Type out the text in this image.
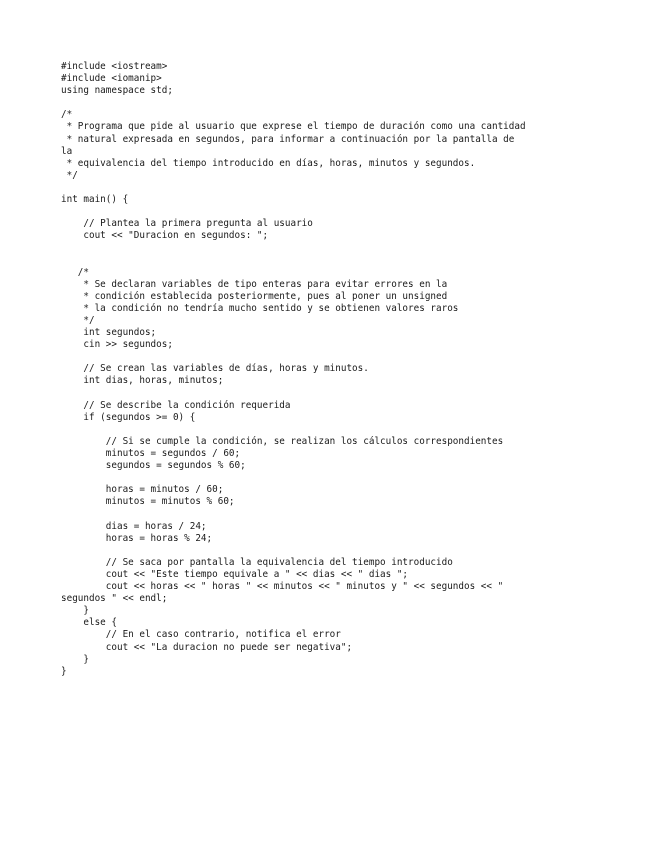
#include <iostream>
#include <iomanip>
using namespace std;
/*
* Programa que pide al usuario que exprese el tiempo de duración como una cantidad
* natural expresada en segundos, para informar a continuación por la pantalla de
la
* equivalencia del tiempo introducido en días, horas, minutos y segundos.
*/
int main() {
// Plantea la primera pregunta al usuario
cout << "Duracion en segundos: ";
/*
* Se declaran variables de tipo enteras para evitar errores en la
* condición establecida posteriormente, pues al poner un unsigned
* la condición no tendría mucho sentido y se obtienen valores raros
*/
int segundos;
cin >> segundos;
// Se crean las variables de días, horas y minutos.
int dias, horas, minutos;
// Se describe la condición requerida
if (segundos >= 0) {
// Si se cumple la condición, se realizan los cálculos correspondientes
minutos = segundos / 60;
segundos = segundos % 60;
horas = minutos / 60;
minutos = minutos % 60;
dias = horas / 24;
horas = horas % 24;
// Se saca por pantalla la equivalencia del tiempo introducido
cout << "Este tiempo equivale a " << dias << " dias ";
cout << horas << " horas " << minutos << " minutos y " << segundos << "
segundos " << endl;
}
else {
// En el caso contrario, notifica el error
cout << "La duracion no puede ser negativa";
}
}
